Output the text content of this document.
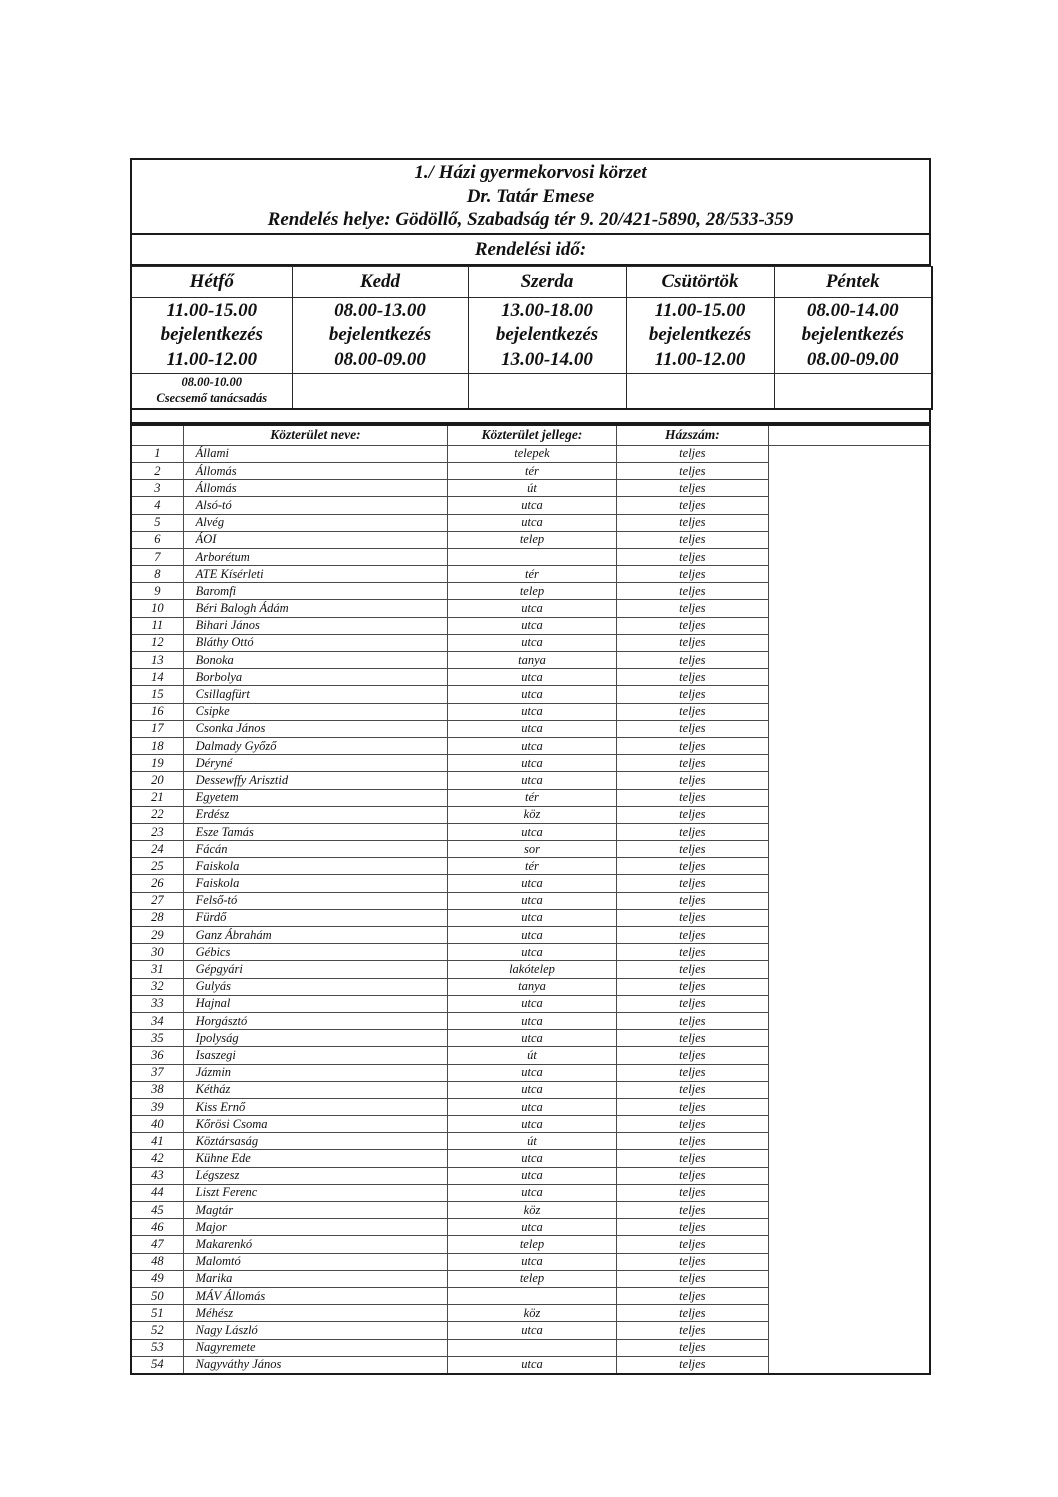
1./ Házi gyermekorvosi körzet
Dr. Tatár Emese
Rendelés helye: Gödöllő, Szabadság tér 9. 20/421-5890, 28/533-359
Rendelési idő:
Hétfő	Kedd	Szerda	Csütörtök	Péntek

11.00-15.00
bejelentkezés
11.00-12.00

08.00-13.00
bejelentkezés
08.00-09.00

13.00-18.00
bejelentkezés
13.00-14.00

11.00-15.00
bejelentkezés
11.00-12.00

08.00-14.00
bejelentkezés
08.00-09.00

08.00-10.00
Csecsemő tanácsadás				

	Közterület neve:	Közterület jellege:	Házszám:	
1	Állami	telepek	teljes	
2	Állomás	tér	teljes	
3	Állomás	út	teljes	
4	Alsó-tó	utca	teljes	
5	Alvég	utca	teljes	
6	ÁOI	telep	teljes	
7	Arborétum		teljes	
8	ATE Kísérleti	tér	teljes	
9	Baromfi	telep	teljes	
10	Béri Balogh Ádám	utca	teljes	
11	Bihari János	utca	teljes	
12	Bláthy Ottó	utca	teljes	
13	Bonoka	tanya	teljes	
14	Borbolya	utca	teljes	
15	Csillagfürt	utca	teljes	
16	Csipke	utca	teljes	
17	Csonka János	utca	teljes	
18	Dalmady Győző	utca	teljes	
19	Déryné	utca	teljes	
20	Dessewffy Arisztid	utca	teljes	
21	Egyetem	tér	teljes	
22	Erdész	köz	teljes	
23	Esze Tamás	utca	teljes	
24	Fácán	sor	teljes	
25	Faiskola	tér	teljes	
26	Faiskola	utca	teljes	
27	Felső-tó	utca	teljes	
28	Fürdő	utca	teljes	
29	Ganz Ábrahám	utca	teljes	
30	Gébics	utca	teljes	
31	Gépgyári	lakótelep	teljes	
32	Gulyás	tanya	teljes	
33	Hajnal	utca	teljes	
34	Horgásztó	utca	teljes	
35	Ipolyság	utca	teljes	
36	Isaszegi	út	teljes	
37	Jázmin	utca	teljes	
38	Kétház	utca	teljes	
39	Kiss Ernő	utca	teljes	
40	Kőrösi Csoma	utca	teljes	
41	Köztársaság	út	teljes	
42	Kühne Ede	utca	teljes	
43	Légszesz	utca	teljes	
44	Liszt Ferenc	utca	teljes	
45	Magtár	köz	teljes	
46	Major	utca	teljes	
47	Makarenkó	telep	teljes	
48	Malomtó	utca	teljes	
49	Marika	telep	teljes	
50	MÁV Állomás		teljes	
51	Méhész	köz	teljes	
52	Nagy László	utca	teljes	
53	Nagyremete		teljes	
54	Nagyváthy János	utca	teljes	
